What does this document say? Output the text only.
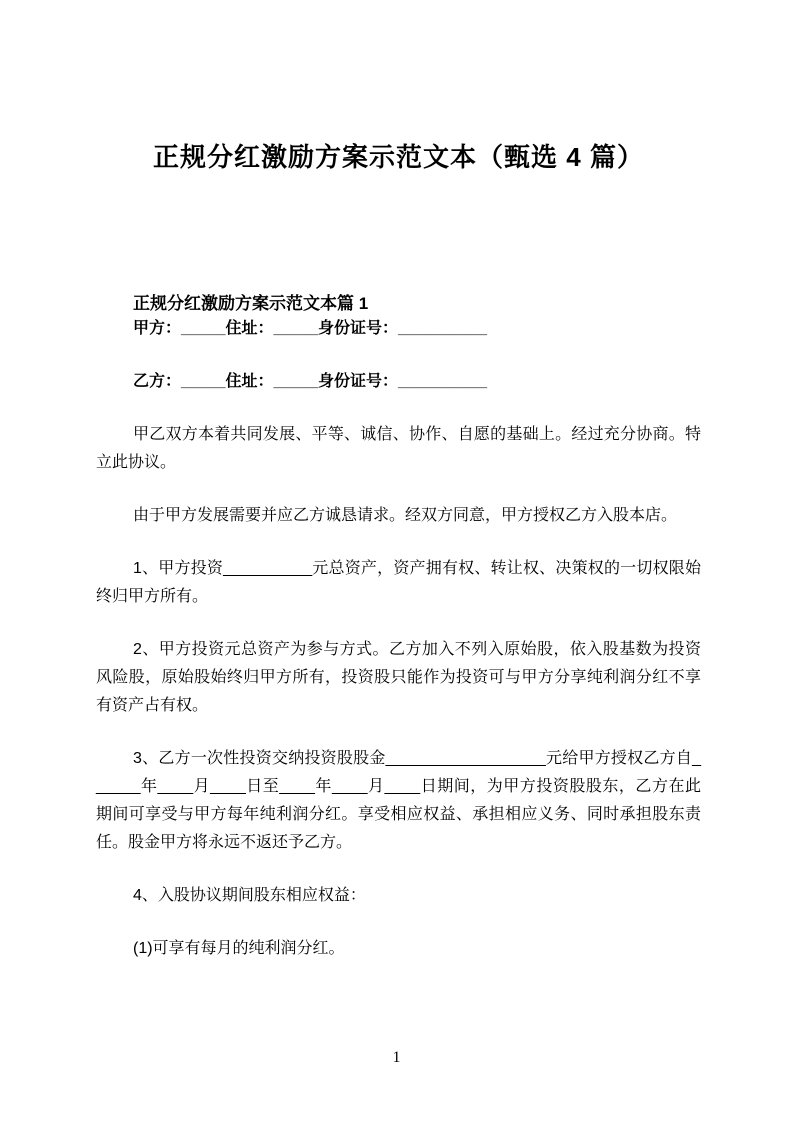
正规分红激励方案示范文本（甄选 4 篇）
正规分红激励方案示范文本篇 1

甲方：_____住址：_____身份证号：__________

乙方：_____住址：_____身份证号：__________

甲乙双方本着共同发展、平等、诚信、协作、自愿的基础上。经过充分协商。特立此协议。

由于甲方发展需要并应乙方诚恳请求。经双方同意，甲方授权乙方入股本店。

1、甲方投资__________元总资产，资产拥有权、转让权、决策权的一切权限始终归甲方所有。

2、甲方投资元总资产为参与方式。乙方加入不列入原始股，依入股基数为投资风险股，原始股始终归甲方所有，投资股只能作为投资可与甲方分享纯利润分红不享有资产占有权。

3、乙方一次性投资交纳投资股股金__________________元给甲方授权乙方自______年____月____日至____年____月____日期间，为甲方投资股股东，乙方在此期间可享受与甲方每年纯利润分红。享受相应权益、承担相应义务、同时承担股东责任。股金甲方将永远不返还予乙方。

4、入股协议期间股东相应权益：

(1)可享有每月的纯利润分红。

1
